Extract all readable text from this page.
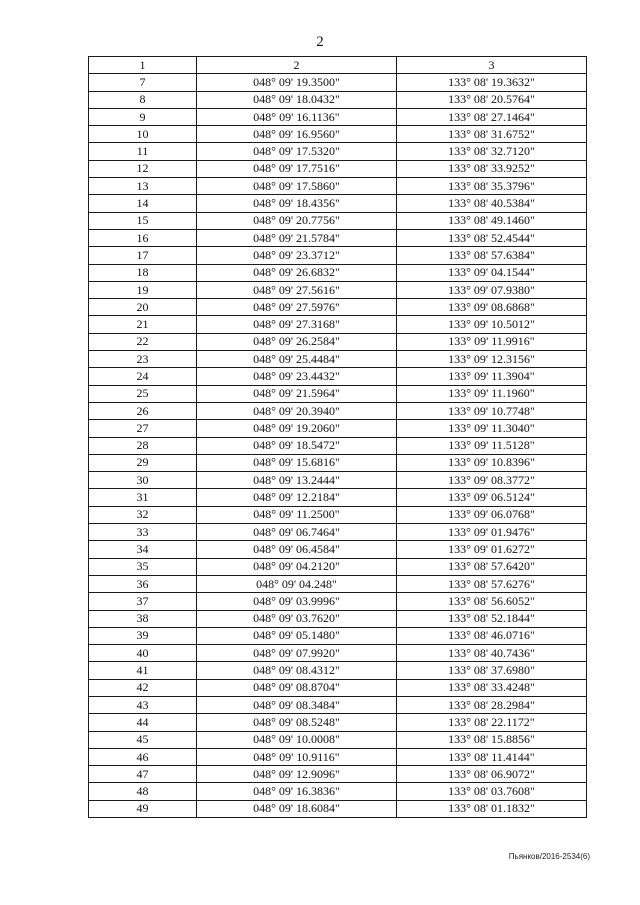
2
1	2	3
7	048° 09' 19.3500"	133° 08' 19.3632"
8	048° 09' 18.0432"	133° 08' 20.5764"
9	048° 09' 16.1136"	133° 08' 27.1464"
10	048° 09' 16.9560"	133° 08' 31.6752"
11	048° 09' 17.5320"	133° 08' 32.7120"
12	048° 09' 17.7516"	133° 08' 33.9252"
13	048° 09' 17.5860"	133° 08' 35.3796"
14	048° 09' 18.4356"	133° 08' 40.5384"
15	048° 09' 20.7756"	133° 08' 49.1460"
16	048° 09' 21.5784"	133° 08' 52.4544"
17	048° 09' 23.3712"	133° 08' 57.6384"
18	048° 09' 26.6832"	133° 09' 04.1544"
19	048° 09' 27.5616"	133° 09' 07.9380"
20	048° 09' 27.5976"	133° 09' 08.6868"
21	048° 09' 27.3168"	133° 09' 10.5012"
22	048° 09' 26.2584"	133° 09' 11.9916"
23	048° 09' 25.4484"	133° 09' 12.3156"
24	048° 09' 23.4432"	133° 09' 11.3904"
25	048° 09' 21.5964"	133° 09' 11.1960"
26	048° 09' 20.3940"	133° 09' 10.7748"
27	048° 09' 19.2060"	133° 09' 11.3040"
28	048° 09' 18.5472"	133° 09' 11.5128"
29	048° 09' 15.6816"	133° 09' 10.8396"
30	048° 09' 13.2444"	133° 09' 08.3772"
31	048° 09' 12.2184"	133° 09' 06.5124"
32	048° 09' 11.2500"	133° 09' 06.0768"
33	048° 09' 06.7464"	133° 09' 01.9476"
34	048° 09' 06.4584"	133° 09' 01.6272"
35	048° 09' 04.2120"	133° 08' 57.6420"
36	048° 09' 04.248"	133° 08' 57.6276"
37	048° 09' 03.9996"	133° 08' 56.6052"
38	048° 09' 03.7620"	133° 08' 52.1844"
39	048° 09' 05.1480"	133° 08' 46.0716"
40	048° 09' 07.9920"	133° 08' 40.7436"
41	048° 09' 08.4312"	133° 08' 37.6980"
42	048° 09' 08.8704"	133° 08' 33.4248"
43	048° 09' 08.3484"	133° 08' 28.2984"
44	048° 09' 08.5248"	133° 08' 22.1172"
45	048° 09' 10.0008"	133° 08' 15.8856"
46	048° 09' 10.9116"	133° 08' 11.4144"
47	048° 09' 12.9096"	133° 08' 06.9072"
48	048° 09' 16.3836"	133° 08' 03.7608"
49	048° 09' 18.6084"	133° 08' 01.1832"
Пьянков/2016-2534(6)
